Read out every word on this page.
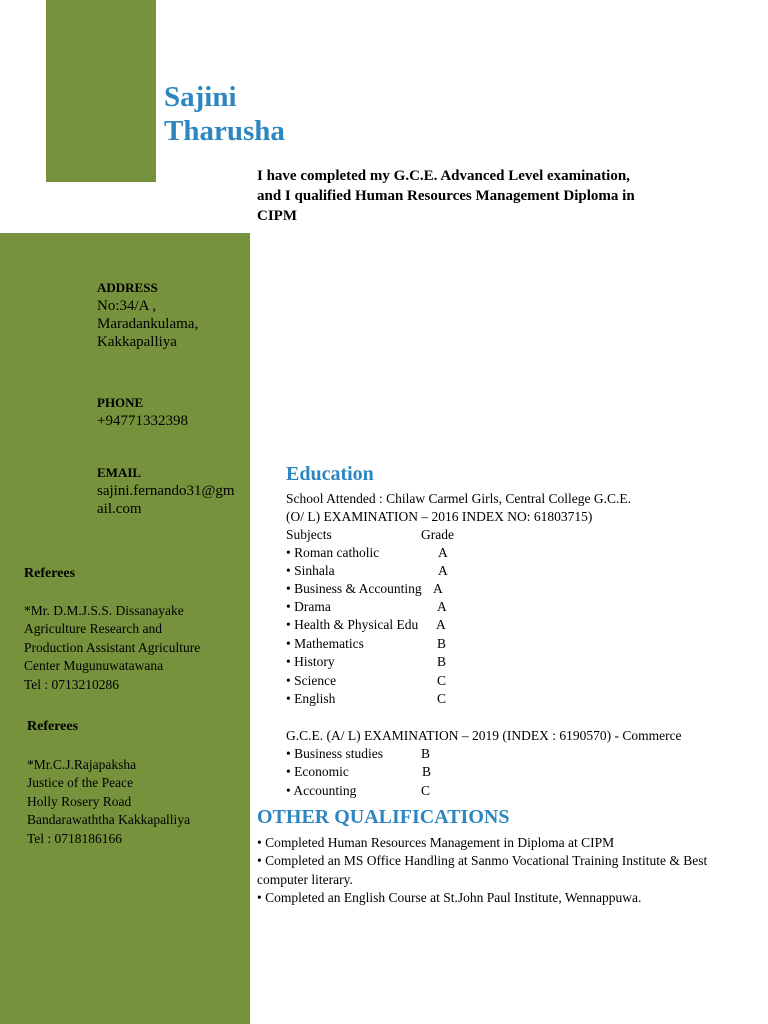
Sajini
Tharusha
I have completed my G.C.E. Advanced Level examination, and I qualified Human Resources Management Diploma in CIPM
ADDRESS
No:34/A ,
Maradankulama,
Kakkapalliya
PHONE
+94771332398
EMAIL
sajini.fernando31@gm
ail.com
Referees
*Mr. D.M.J.S.S. Dissanayake
Agriculture Research and
Production Assistant Agriculture
Center Mugunuwatawana
Tel : 0713210286
Referees
*Mr.C.J.Rajapaksha
Justice of the Peace
Holly Rosery Road
Bandarawaththa Kakkapalliya
Tel : 0718186166
Education
School Attended : Chilaw Carmel Girls, Central College G.C.E.
(O/ L) EXAMINATION – 2016 INDEX NO: 61803715)
Subjects	Grade
• Roman catholic	A
• Sinhala	A
• Business & Accounting A
• Drama	A
• Health & Physical Edu A
• Mathematics	B
• History	B
• Science	C
• English	C
G.C.E. (A/ L) EXAMINATION – 2019 (INDEX : 6190570) - Commerce
• Business studies	B
• Economic	B
• Accounting	C
OTHER QUALIFICATIONS
• Completed Human Resources Management in Diploma at CIPM
• Completed an MS Office Handling at Sanmo Vocational Training Institute & Best computer literary.
• Completed an English Course at St.John Paul Institute, Wennappuwa.
